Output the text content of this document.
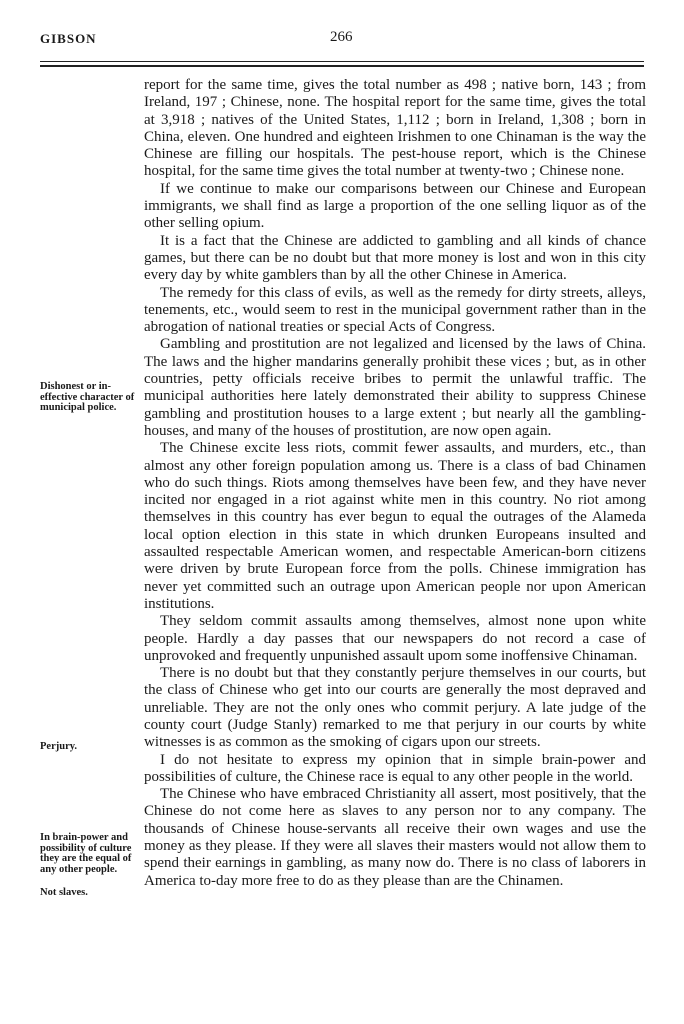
GIBSON	266
Dishonest or in-effective character of municipal police.
Perjury.
In brain-power and possibility of culture they are the equal of any other people.
Not slaves.

report for the same time, gives the total number as 498 ; native born, 143 ; from Ireland, 197 ; Chinese, none. The hospital report for the same time, gives the total at 3,918 ; natives of the United States, 1,112 ; born in Ireland, 1,308 ; born in China, eleven. One hundred and eighteen Irishmen to one Chinaman is the way the Chinese are filling our hospitals. The pest-house report, which is the Chinese hospital, for the same time gives the total number at twenty-two ; Chinese none.

If we continue to make our comparisons between our Chinese and European immigrants, we shall find as large a proportion of the one selling liquor as of the other selling opium.

It is a fact that the Chinese are addicted to gambling and all kinds of chance games, but there can be no doubt but that more money is lost and won in this city every day by white gamblers than by all the other Chinese in America.

The remedy for this class of evils, as well as the remedy for dirty streets, alleys, tenements, etc., would seem to rest in the municipal government rather than in the abrogation of national treaties or special Acts of Congress.

Gambling and prostitution are not legalized and licensed by the laws of China. The laws and the higher mandarins generally prohibit these vices ; but, as in other countries, petty officials receive bribes to permit the unlawful traffic. The municipal authorities here lately demonstrated their ability to suppress Chinese gambling and prostitution houses to a large extent ; but nearly all the gambling-houses, and many of the houses of prostitution, are now open again.

The Chinese excite less riots, commit fewer assaults, and murders, etc., than almost any other foreign population among us. There is a class of bad Chinamen who do such things. Riots among themselves have been few, and they have never incited nor engaged in a riot against white men in this country. No riot among themselves in this country has ever begun to equal the outrages of the Alameda local option election in this state in which drunken Europeans insulted and assaulted respectable American women, and respectable American-born citizens were driven by brute European force from the polls. Chinese immigration has never yet committed such an outrage upon American people nor upon American institutions.

They seldom commit assaults among themselves, almost none upon white people. Hardly a day passes that our newspapers do not record a case of unprovoked and frequently unpunished assault upom some inoffensive Chinaman.

There is no doubt but that they constantly perjure themselves in our courts, but the class of Chinese who get into our courts are generally the most depraved and unreliable. They are not the only ones who commit perjury. A late judge of the county court (Judge Stanly) remarked to me that perjury in our courts by white witnesses is as common as the smoking of cigars upon our streets.

I do not hesitate to express my opinion that in simple brain-power and possibilities of culture, the Chinese race is equal to any other people in the world.

The Chinese who have embraced Christianity all assert, most positively, that the Chinese do not come here as slaves to any person nor to any company. The thousands of Chinese house-servants all receive their own wages and use the money as they please. If they were all slaves their masters would not allow them to spend their earnings in gambling, as many now do. There is no class of laborers in America to-day more free to do as they please than are the Chinamen.
